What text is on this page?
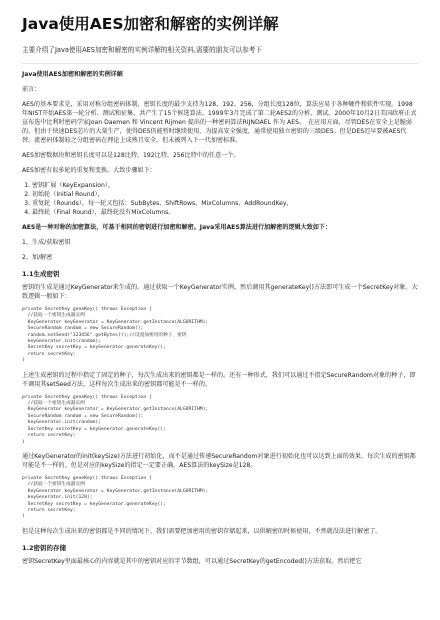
Java使用AES加密和解密的实例详解

主要介绍了Java使用AES加密和解密的实例详解的相关资料,需要的朋友可以参考下

Java使用AES加密和解密的实例详解

前言：

AES的基本要求是，采用对称分组密码体制，密钥长度的最少支持为128、192、256，分组长度128位，算法应易于各种硬件和软件实现。1998年NIST开始AES第一轮分析、测试和征集，共产生了15个候选算法。1999年3月完成了第二轮AES2的分析、测试。2000年10月2日美国政府正式宣布选中比利时密码学家Joan Daemen 和 Vincent Rijmen 提出的一种密码算法RIJNDAEL 作为 AES。　在应用方面，尽管DES在安全上是脆弱的，但由于快速DES芯片的大量生产，使得DES仍能暂时继续使用，为提高安全强度，通常使用独立密钥的三级DES。但是DES迟早要被AES代替。流密码体制较之分组密码在理论上成熟且安全，但未被列入下一代加密标准。

AES加密数据块和密钥长度可以是128比特、192比特、256比特中的任意一个。

AES加密有很多轮的重复和变换。大致步骤如下：

1. 密钥扩展（KeyExpansion），
2. 初始轮（Initial Round），
3. 重复轮（Rounds），每一轮又包括：SubBytes、ShiftRows、MixColumns、AddRoundKey，
4. 最终轮（Final Round），最终轮没有MixColumns。

AES是一种对称的加密算法，可基于相同的密钥进行加密和解密。Java采用AES算法进行加解密的逻辑大致如下：

1、生成/获取密钥

2、加/解密

1.1生成密钥

密钥的生成是通过KeyGenerator来生成的。通过获取一个KeyGenerator实例，然后调用其generateKey()方法即可生成一个SecretKey对象。大致逻辑一般如下：

private SecretKey geneKey() throws Exception {
//获取一个密钥生成器实例
KeyGenerator keyGenerator = KeyGenerator.getInstance(ALGORITHM);
SecureRandom random = new SecureRandom();
random.setSeed("123456".getBytes());//设置加密用的种子，密钥
keyGenerator.init(random);
SecretKey secretKey = keyGenerator.generateKey();
return secretKey;
}

上述生成密钥的过程中指定了固定的种子，每次生成出来的密钥都是一样的。还有一种形式，我们可以通过不指定SecureRandom对象的种子，即不调用其setSeed方法，这样每次生成出来的密钥都可能是不一样的。

private SecretKey geneKey() throws Exception {
//获取一个密钥生成器实例
KeyGenerator keyGenerator = KeyGenerator.getInstance(ALGORITHM);
SecureRandom random = new SecureRandom();
keyGenerator.init(random);
SecretKey secretKey = keyGenerator.generateKey();
return secretKey;
}

通过KeyGenerator的init(keySize)方法进行初始化，而不是通过传递SecureRandom对象进行初始化也可以达到上面的效果，每次生成的密钥都可能是不一样的。但是对应的keySize的指定一定要正确，AES算法的keySize是128。

private SecretKey geneKey() throws Exception {
//获取一个密钥生成器实例
KeyGenerator keyGenerator = KeyGenerator.getInstance(ALGORITHM);
keyGenerator.init(128);
SecretKey secretKey = keyGenerator.generateKey();
return secretKey;
}

但是这种每次生成出来的密钥都是不同的情况下，我们需要把加密用的密钥存储起来，以供解密的时候使用，不然就没法进行解密了。

1.2密钥的存储

密钥SecretKey里面最核心的内容就是其中的密钥对应的字节数组，可以通过SecretKey的getEncoded()方法获取。然后把它
